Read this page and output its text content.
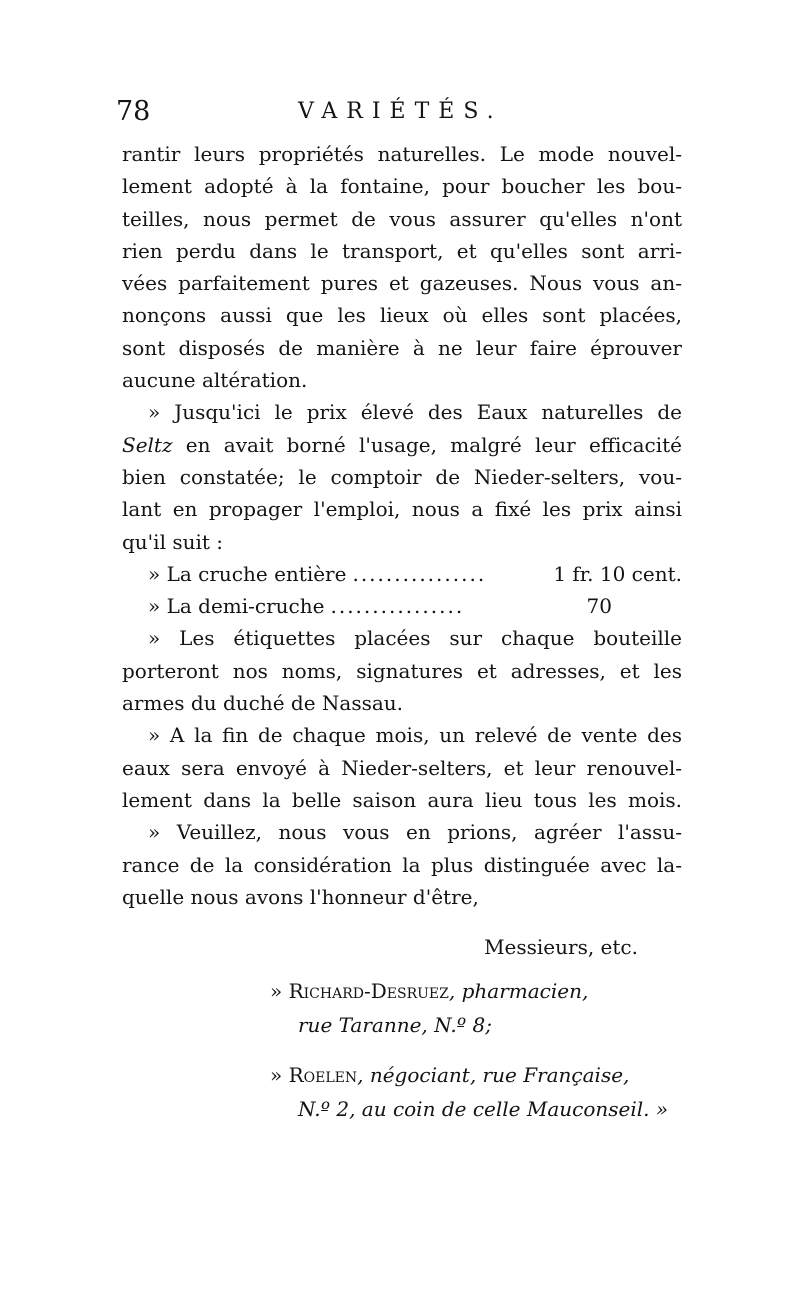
78	VARIÉTÉS.
rantir leurs propriétés naturelles. Le mode nouvel-
lement adopté à la fontaine, pour boucher les bou-
teilles, nous permet de vous assurer qu'elles n'ont
rien perdu dans le transport, et qu'elles sont arri-
vées parfaitement pures et gazeuses. Nous vous an-
nonçons aussi que les lieux où elles sont placées,
sont disposés de manière à ne leur faire éprouver
aucune altération.
» Jusqu'ici le prix élevé des Eaux naturelles de
Seltz en avait borné l'usage, malgré leur efficacité
bien constatée; le comptoir de Nieder-selters, vou-
lant en propager l'emploi, nous a fixé les prix ainsi
qu'il suit :
» La cruche entière ................	1 fr. 10 cent.
» La demi-cruche ................	70
» Les étiquettes placées sur chaque bouteille
porteront nos noms, signatures et adresses, et les
armes du duché de Nassau.
» A la fin de chaque mois, un relevé de vente des
eaux sera envoyé à Nieder-selters, et leur renouvel-
lement dans la belle saison aura lieu tous les mois.
» Veuillez, nous vous en prions, agréer l'assu-
rance de la considération la plus distinguée avec la-
quelle nous avons l'honneur d'être,
Messieurs, etc.
» Richard-Desruez, pharmacien,
rue Taranne, N.º 8;
» Roelen, négociant, rue Française,
N.º 2, au coin de celle Mauconseil. »
